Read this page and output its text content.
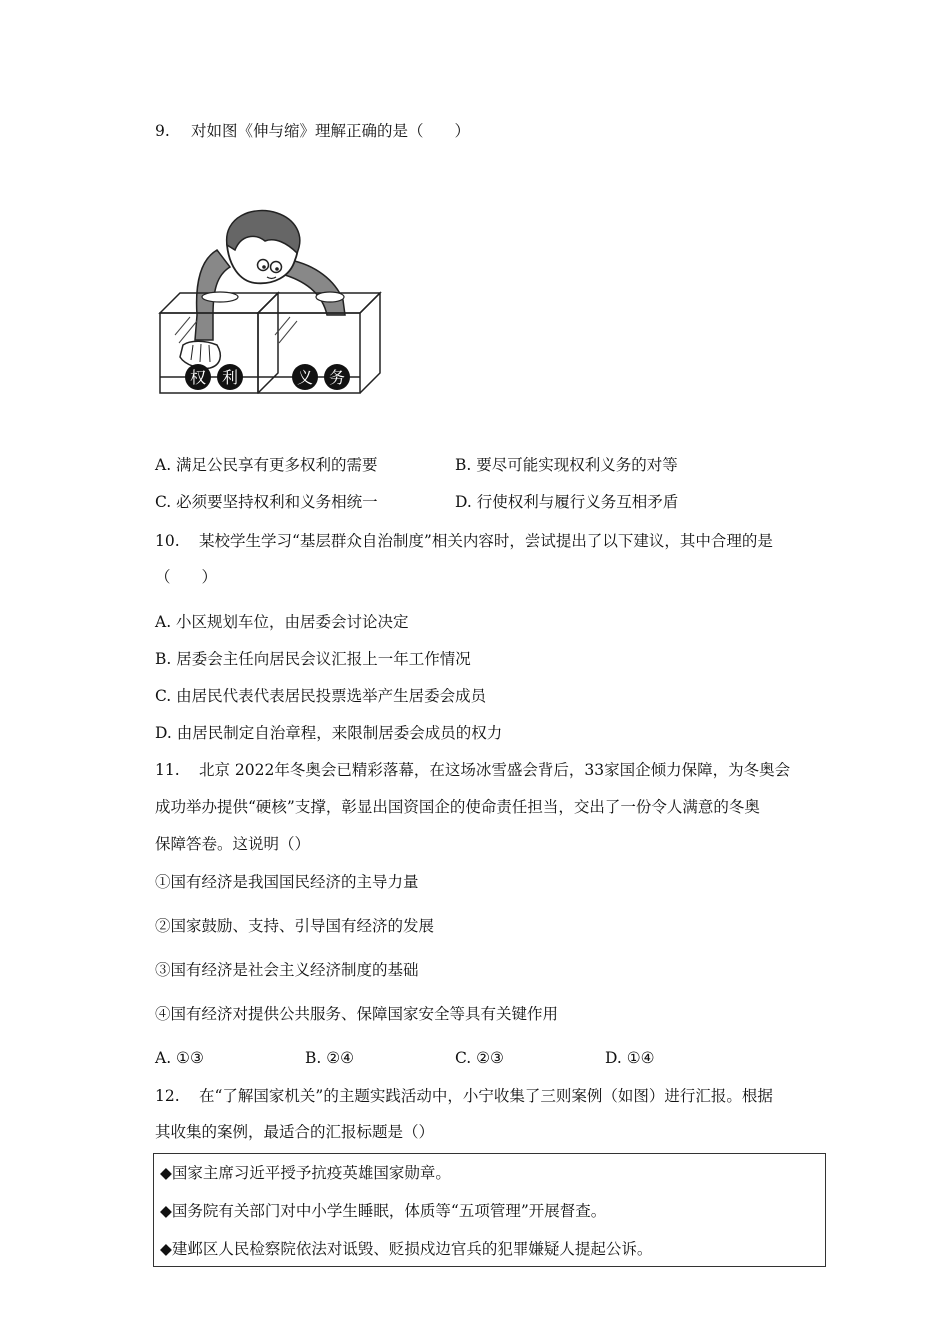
9. 对如图《伸与缩》理解正确的是（　　）
权 利	义 务
A. 满足公民享有更多权利的需要	B. 要尽可能实现权利义务的对等
C. 必须要坚持权利和义务相统一	D. 行使权利与履行义务互相矛盾
10. 某校学生学习“基层群众自治制度”相关内容时，尝试提出了以下建议，其中合理的是
（　　）
A. 小区规划车位，由居委会讨论决定
B. 居委会主任向居民会议汇报上一年工作情况
C. 由居民代表代表居民投票选举产生居委会成员
D. 由居民制定自治章程，来限制居委会成员的权力
11. 北京 2022年冬奥会已精彩落幕，在这场冰雪盛会背后，33家国企倾力保障，为冬奥会
成功举办提供“硬核”支撑，彰显出国资国企的使命责任担当，交出了一份令人满意的冬奥
保障答卷。这说明（）
①国有经济是我国国民经济的主导力量
②国家鼓励、支持、引导国有经济的发展
③国有经济是社会主义经济制度的基础
④国有经济对提供公共服务、保障国家安全等具有关键作用
A. ①③	B. ②④	C. ②③	D. ①④
12. 在“了解国家机关”的主题实践活动中，小宁收集了三则案例（如图）进行汇报。根据
其收集的案例，最适合的汇报标题是（）
◆国家主席习近平授予抗疫英雄国家勋章。
◆国务院有关部门对中小学生睡眠，体质等“五项管理”开展督查。
◆建邺区人民检察院依法对诋毁、贬损戍边官兵的犯罪嫌疑人提起公诉。
